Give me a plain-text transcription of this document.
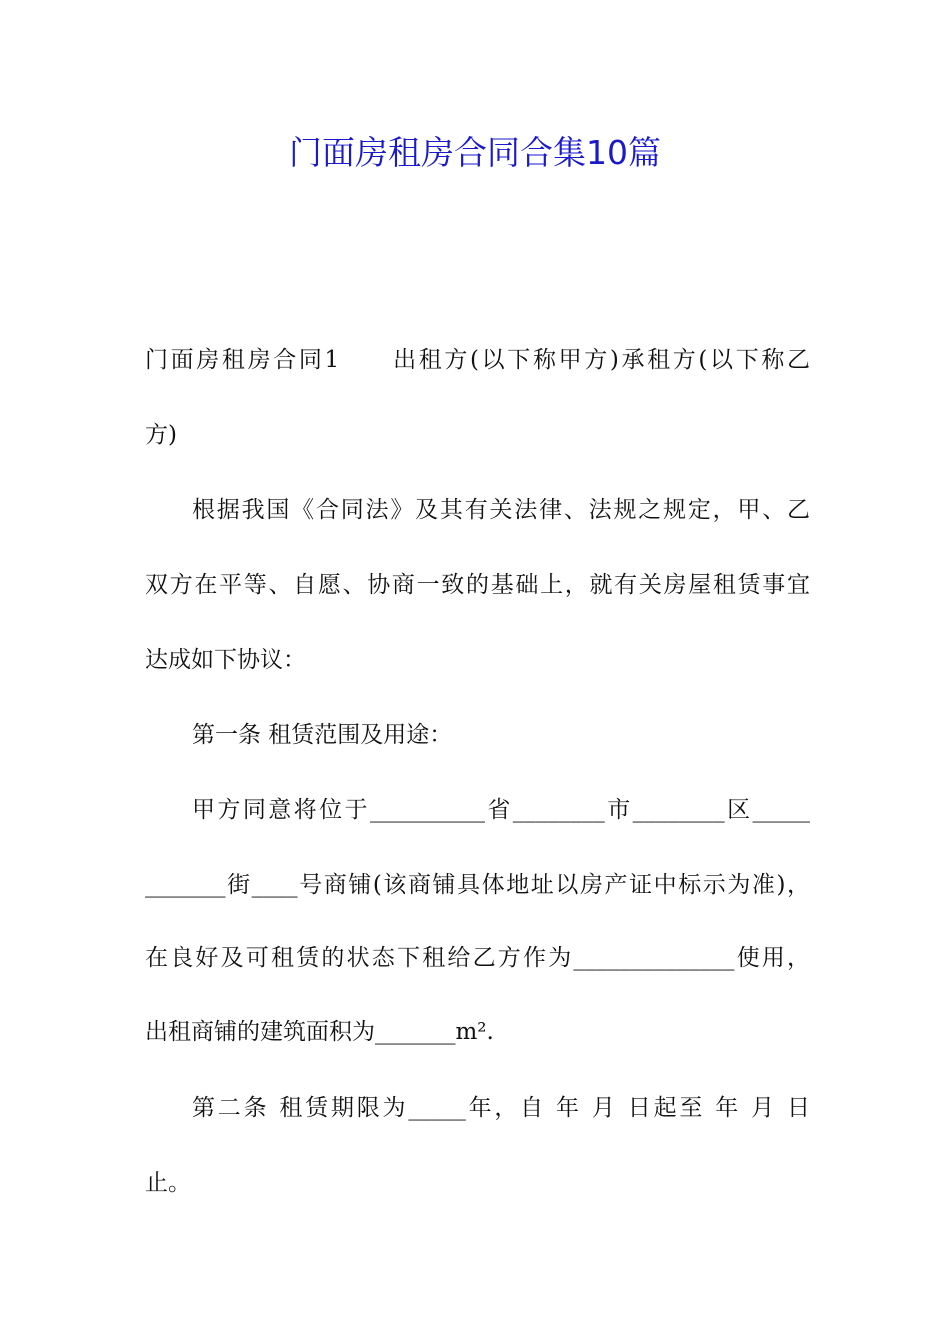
门面房租房合同合集10篇
门面房租房合同1　　出租方(以下称甲方)承租方(以下称乙
方)
根据我国《合同法》及其有关法律、法规之规定，甲、乙
双方在平等、自愿、协商一致的基础上，就有关房屋租赁事宜
达成如下协议：
第一条 租赁范围及用途：
甲方同意将位于__________省________市________区_____
_______街____号商铺(该商铺具体地址以房产证中标示为准)，
在良好及可租赁的状态下租给乙方作为______________使用，
出租商铺的建筑面积为_______m².
第二条 租赁期限为_____年，自 年 月 日起至 年 月 日
止。
